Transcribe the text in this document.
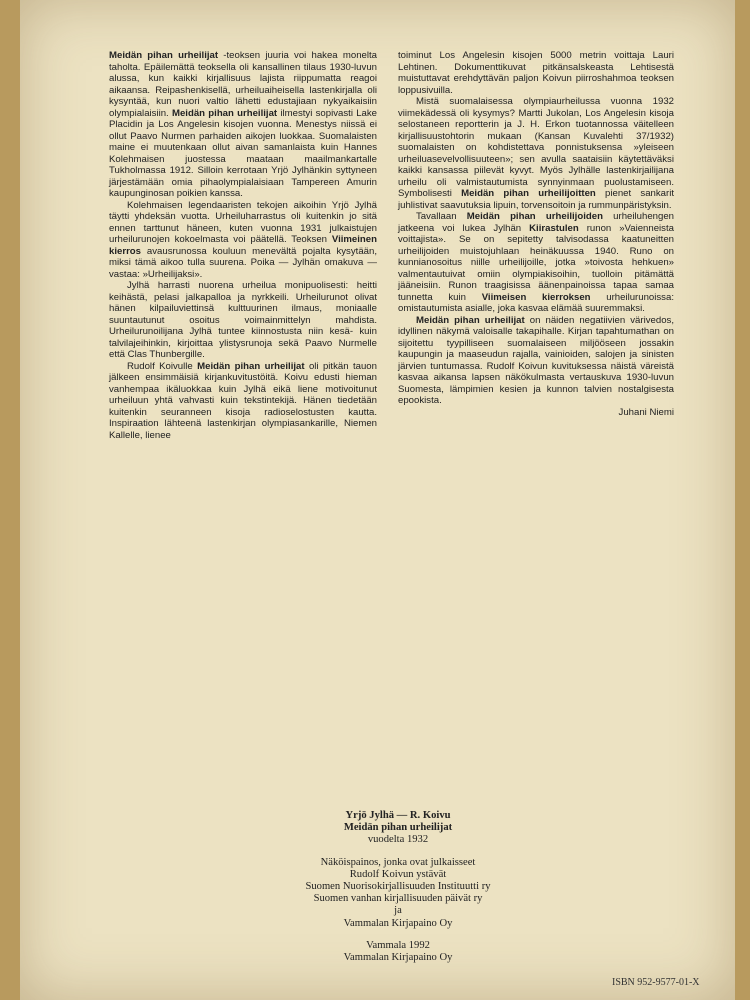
Meidän pihan urheilijat -teoksen juuria voi hakea monelta taholta. Epäilemättä teoksella oli kansallinen tilaus 1930-luvun alussa, kun kaikki kirjallisuus lajista riippumatta reagoi aikaansa. Reipashenkisellä, urheiluaiheisella lastenkirjalla oli kysyntää, kun nuori valtio lähetti edustajiaan nykyaikaisiin olympialaisiin. Meidän pihan urheilijat ilmestyi sopivasti Lake Placidin ja Los Angelesin kisojen vuonna. Menestys niissä ei ollut Paavo Nurmen parhaiden aikojen luokkaa. Suomalaisten maine ei muutenkaan ollut aivan samanlaista kuin Hannes Kolehmaisen juostessa maataan maailmankartalle Tukholmassa 1912. Silloin kerrotaan Yrjö Jylhänkin syttyneen järjestämään omia pihaolympialaisiaan Tampereen Amurin kaupunginosan poikien kanssa.

Kolehmaisen legendaaristen tekojen aikoihin Yrjö Jylhä täytti yhdeksän vuotta. Urheiluharrastus oli kuitenkin jo sitä ennen tarttunut häneen, kuten vuonna 1931 julkaistujen urheilurunojen kokoelmasta voi päätellä. Teoksen Viimeinen kierros avausrunossa kouluun menevältä pojalta kysytään, miksi tämä aikoo tulla suurena. Poika — Jylhän omakuva — vastaa: »Urheilijaksi».

Jylhä harrasti nuorena urheilua monipuolisesti: heitti keihästä, pelasi jalkapalloa ja nyrkkeili. Urheilurunot olivat hänen kilpailuviettinsä kulttuurinen ilmaus, moniaalle suuntautunut osoitus voimainmittelyn mahdista. Urheilurunoilijana Jylhä tuntee kiinnostusta niin kesä- kuin talvilajeihinkin, kirjoittaa ylistysrunoja sekä Paavo Nurmelle että Clas Thunbergille.

Rudolf Koivulle Meidän pihan urheilijat oli pitkän tauon jälkeen ensimmäisiä kirjankuvitustöitä. Koivu edusti hieman vanhempaa ikäluokkaa kuin Jylhä eikä liene motivoitunut urheiluun yhtä vahvasti kuin tekstintekijä. Hänen tiedetään kuitenkin seuranneen kisoja radioselostusten kautta. Inspiraation lähteenä lastenkirjan olympiasankarille, Niemen Kallelle, lienee

toiminut Los Angelesin kisojen 5000 metrin voittaja Lauri Lehtinen. Dokumenttikuvat pitkänsalskeasta Lehtisestä muistuttavat erehdyttävän paljon Koivun piirroshahmoa teoksen loppusivuilla.

Mistä suomalaisessa olympiaurheilussa vuonna 1932 viimekädessä oli kysymys? Martti Jukolan, Los Angelesin kisoja selostaneen reportterin ja J. H. Erkon tuotannossa väitelleen kirjallisuustohtorin mukaan (Kansan Kuvalehti 37/1932) suomalaisten on kohdistettava ponnistuksensa »yleiseen urheiluasevelvollisuuteen»; sen avulla saataisiin käytettäväksi kaikki kansassa piilevät kyvyt. Myös Jylhälle lastenkirjailijana urheilu oli valmistautumista synnyinmaan puolustamiseen. Symbolisesti Meidän pihan urheilijoitten pienet sankarit juhlistivat saavutuksia lipuin, torvensoitoin ja rummunpäristyksin.

Tavallaan Meidän pihan urheilijoiden urheiluhengen jatkeena voi lukea Jylhän Kiirastulen runon »Vaienneista voittajista». Se on sepitetty talvisodassa kaatuneitten urheilijoiden muistojuhlaan heinäkuussa 1940. Runo on kunnianosoitus niille urheilijoille, jotka »toivosta hehkuen» valmentautuivat omiin olympiakisoihin, tuolloin pitämättä jääneisiin. Runon traagisissa äänenpainoissa tapaa samaa tunnetta kuin Viimeisen kierroksen urheilurunoissa: omistautumista asialle, joka kasvaa elämää suuremmaksi.

Meidän pihan urheilijat on näiden negatiivien värivedos, idyllinen näkymä valoisalle takapihalle. Kirjan tapahtumathan on sijoitettu tyypilliseen suomalaiseen miljööseen jossakin kaupungin ja maaseudun rajalla, vainioiden, salojen ja sinisten järvien tuntumassa. Rudolf Koivun kuvituksessa näistä väreistä kasvaa aikansa lapsen näkökulmasta vertauskuva 1930-luvun Suomesta, lämpimien kesien ja kunnon talvien nostalgisesta epookista.

Juhani Niemi

Yrjö Jylhä — R. Koivu
Meidän pihan urheilijat
vuodelta 1932
Näköispainos, jonka ovat julkaisseet
Rudolf Koivun ystävät
Suomen Nuorisokirjallisuuden Instituutti ry
Suomen vanhan kirjallisuuden päivät ry
ja
Vammalan Kirjapaino Oy
Vammala 1992
Vammalan Kirjapaino Oy
ISBN 952-9577-01-X
